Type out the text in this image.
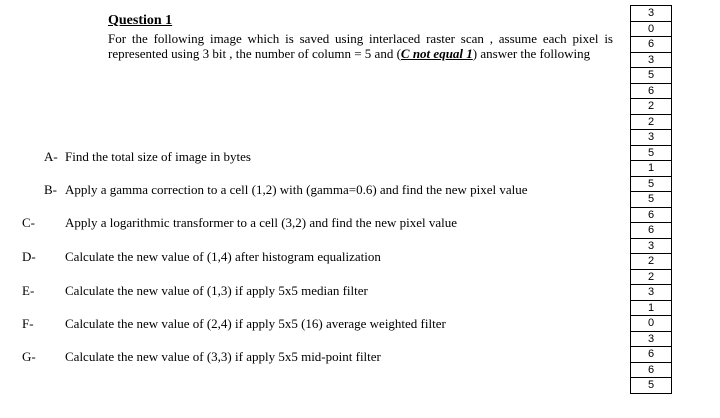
Question 1

For the following image which is saved using interlaced raster scan , assume each pixel is represented using 3 bit , the number of column = 5 and (C not equal 1) answer the following

A- Find the total size of image in bytes
B- Apply a gamma correction to a cell (1,2) with (gamma=0.6) and find the new pixel value
C- Apply a logarithmic transformer to a cell (3,2) and find the new pixel value
D- Calculate the new value of (1,4) after histogram equalization
E- Calculate the new value of (1,3) if apply 5x5 median filter
F- Calculate the new value of (2,4) if apply 5x5 (16) average weighted filter
G- Calculate the new value of (3,3) if apply 5x5 mid-point filter
3
0
6
3
5
6
2
2
3
5
1
5
5
6
6
3
2
2
3
1
0
3
6
6
5
